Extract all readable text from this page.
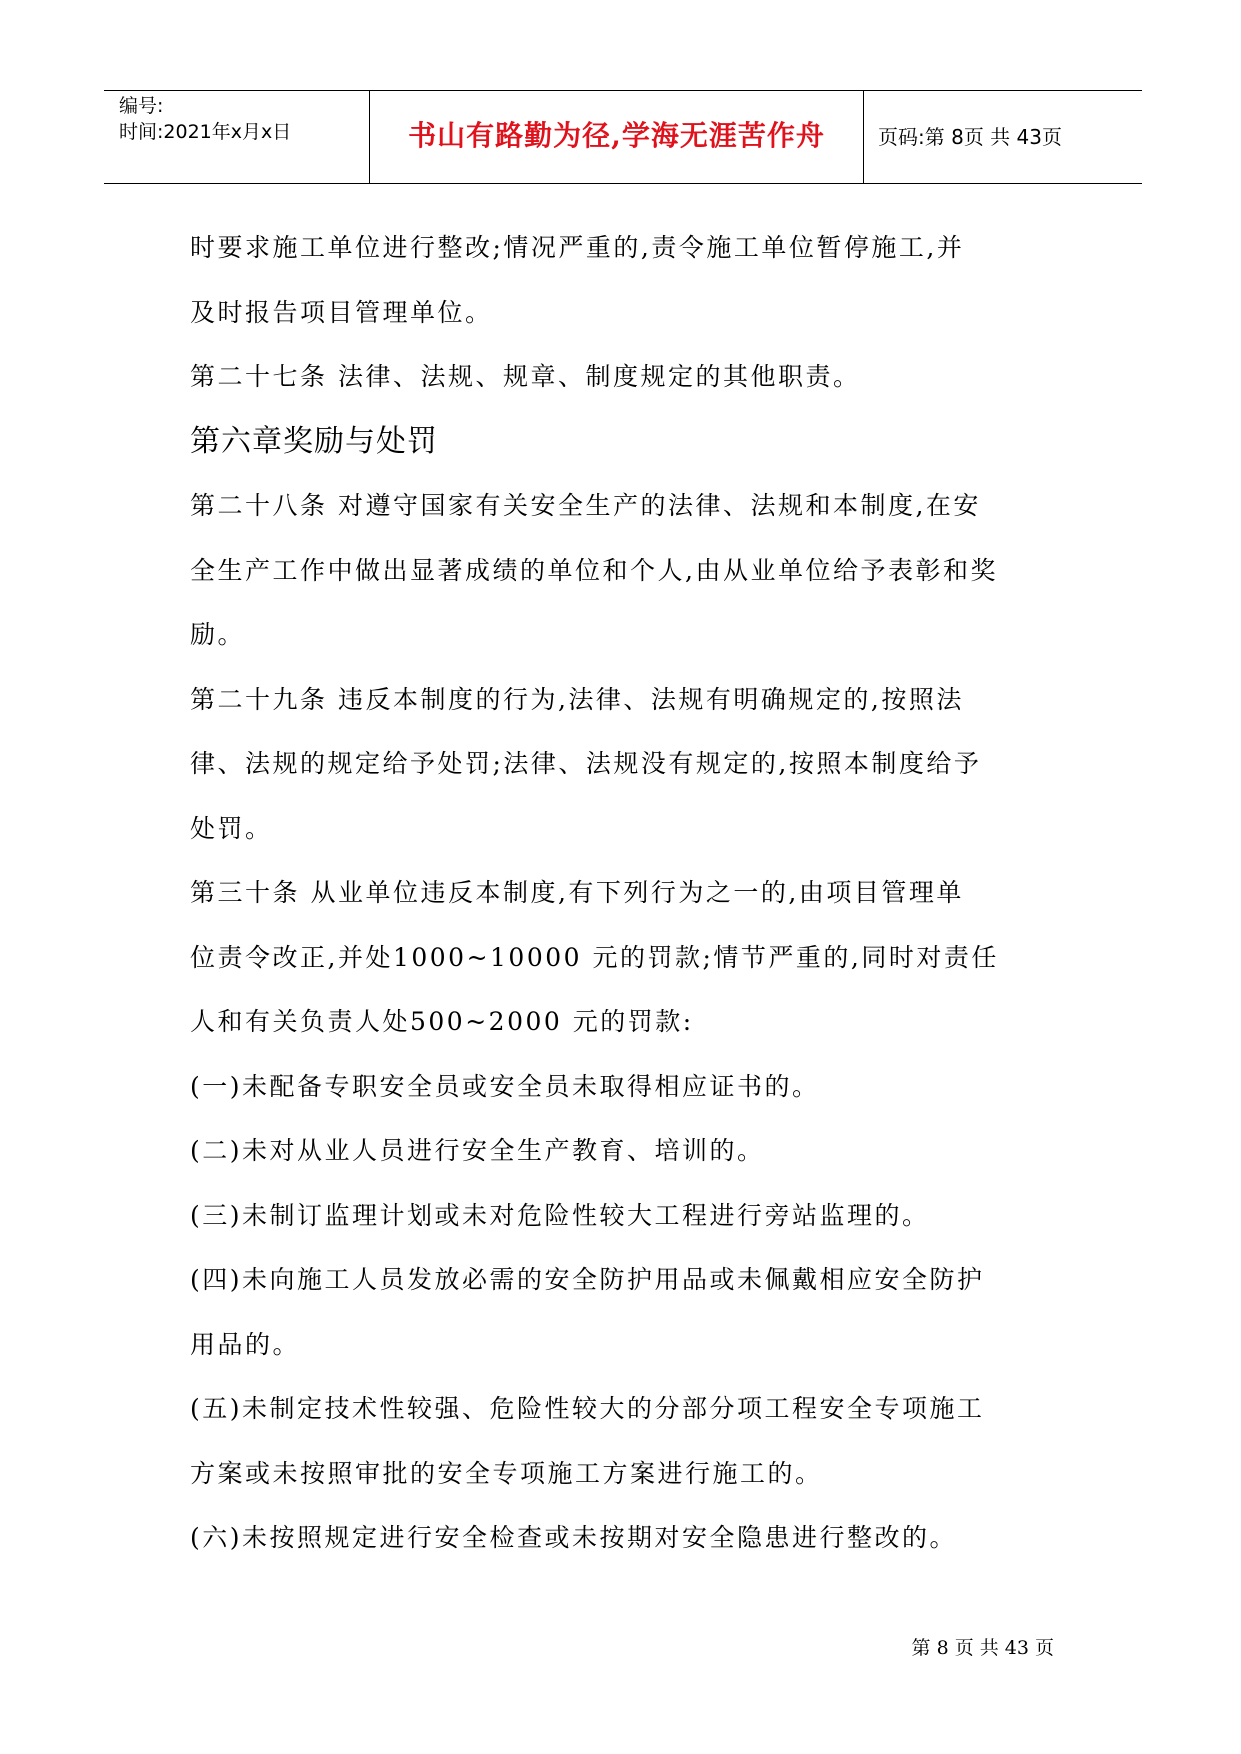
编号:
时间:2021年x月x日	书山有路勤为径,学海无涯苦作舟	页码:第 8页 共 43页

时要求施工单位进行整改;情况严重的,责令施工单位暂停施工,并

及时报告项目管理单位。

第二十七条 法律、法规、规章、制度规定的其他职责。

第六章奖励与处罚

第二十八条 对遵守国家有关安全生产的法律、法规和本制度,在安

全生产工作中做出显著成绩的单位和个人,由从业单位给予表彰和奖

励。

第二十九条 违反本制度的行为,法律、法规有明确规定的,按照法

律、法规的规定给予处罚;法律、法规没有规定的,按照本制度给予

处罚。

第三十条 从业单位违反本制度,有下列行为之一的,由项目管理单

位责令改正,并处1000~10000 元的罚款;情节严重的,同时对责任

人和有关负责人处500~2000 元的罚款:

(一)未配备专职安全员或安全员未取得相应证书的。

(二)未对从业人员进行安全生产教育、培训的。

(三)未制订监理计划或未对危险性较大工程进行旁站监理的。

(四)未向施工人员发放必需的安全防护用品或未佩戴相应安全防护

用品的。

(五)未制定技术性较强、危险性较大的分部分项工程安全专项施工

方案或未按照审批的安全专项施工方案进行施工的。

(六)未按照规定进行安全检查或未按期对安全隐患进行整改的。

第 8 页 共 43 页
